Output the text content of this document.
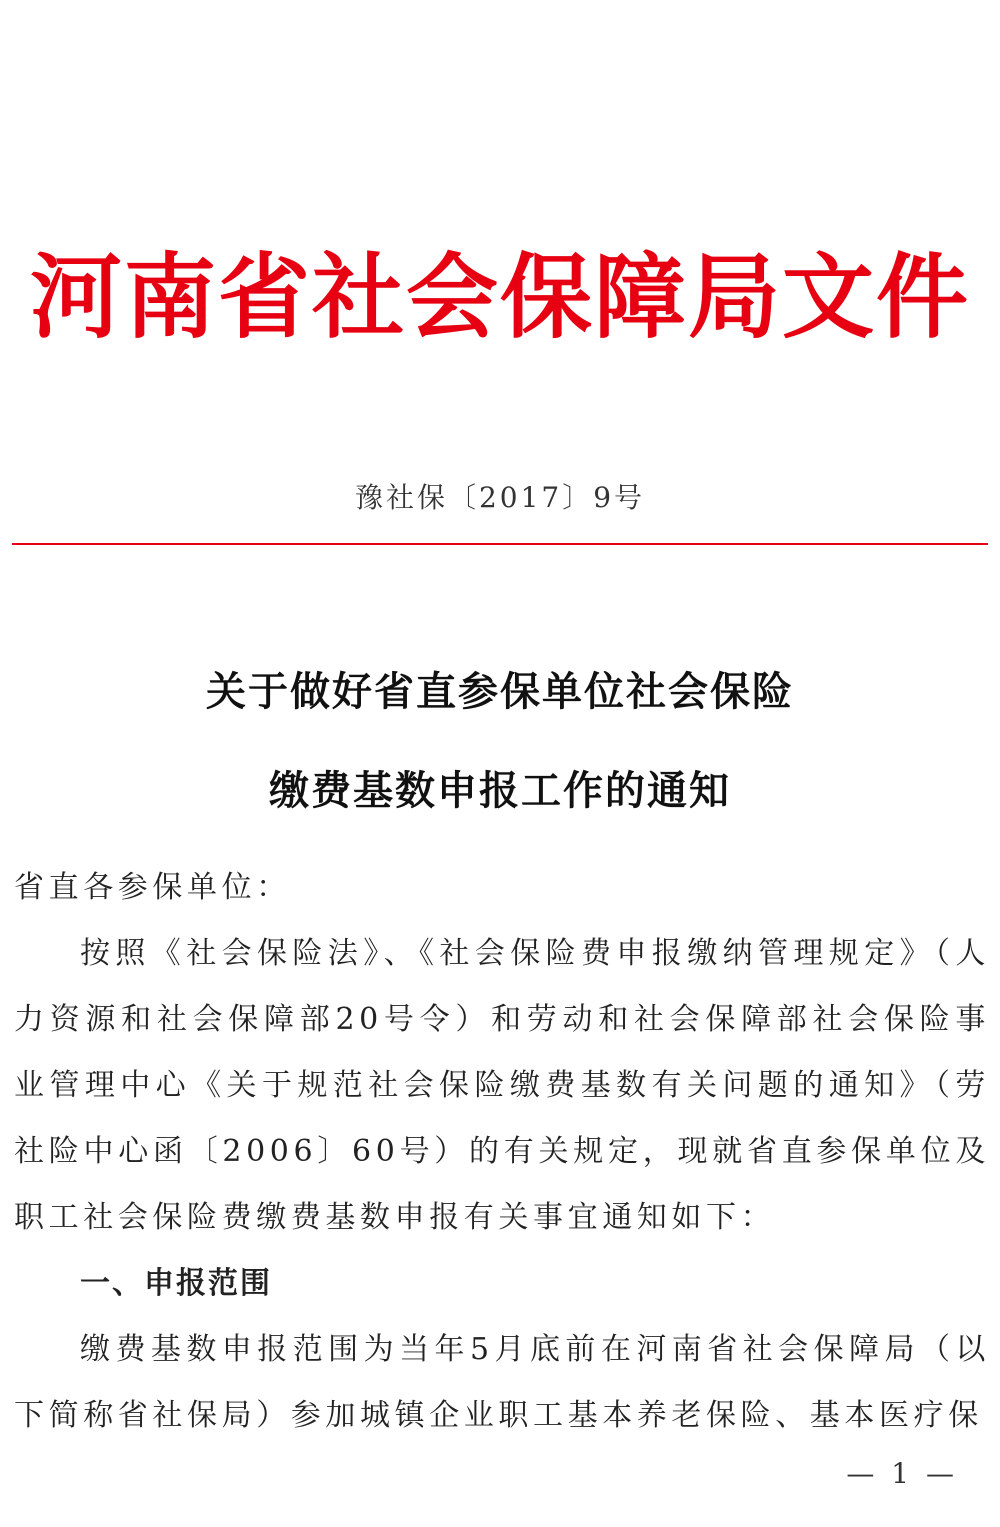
河南省社会保障局文件
豫社保〔2017〕9号
关于做好省直参保单位社会保险
缴费基数申报工作的通知

省直各参保单位：

按照《社会保险法》、《社会保险费申报缴纳管理规定》（人力资源和社会保障部20号令）和劳动和社会保障部社会保险事业管理中心《关于规范社会保险缴费基数有关问题的通知》（劳社险中心函〔2006〕60号）的有关规定，现就省直参保单位及职工社会保险费缴费基数申报有关事宜通知如下：

一、申报范围

缴费基数申报范围为当年5月底前在河南省社会保障局（以下简称省社保局）参加城镇企业职工基本养老保险、基本医疗保

— 1 —
